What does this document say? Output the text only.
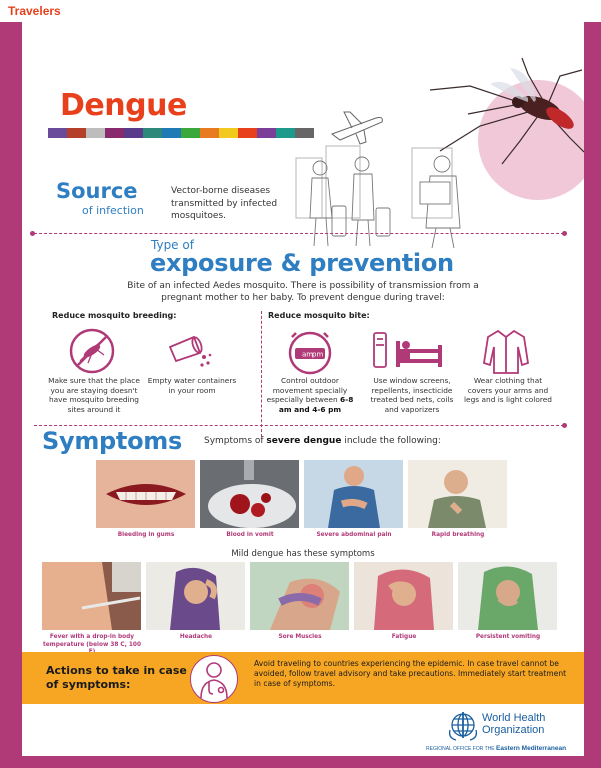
Travelers
Dengue
Source
of infection

Vector-borne diseases transmitted by infected mosquitoes.

Type of
exposure & prevention

Bite of an infected Aedes mosquito. There is possibility of transmission from a pregnant mother to her baby. To prevent dengue during travel:

Reduce mosquito breeding:	Reduce mosquito bite:
am
pm

Make sure that the place you are staying doesn't have mosquito breeding sites around it

Empty water containers in your room

Control outdoor movement specially especially between 6-8 am and 4-6 pm

Use window screens, repellents, insecticide treated bed nets, coils and vaporizers

Wear clothing that covers your arms and legs and is light colored

Symptoms Symptoms of severe dengue include the following:
Bleeding in gums	Blood in vomit	Severe abdominal pain	Rapid breathing
Mild dengue has these symptoms
Fever with a drop-in body temperature (below 38 C, 100
Headache	Sore Muscles	Fatigue	Persistent vomiting
Actions to take in case of symptoms:

Avoid traveling to countries experiencing the epidemic. In case travel cannot be avoided, follow travel advisory and take precautions. Immediately start treatment in case of symptoms.

World Health
Organization
REGIONAL OFFICE FOR THE Eastern Mediterranean
